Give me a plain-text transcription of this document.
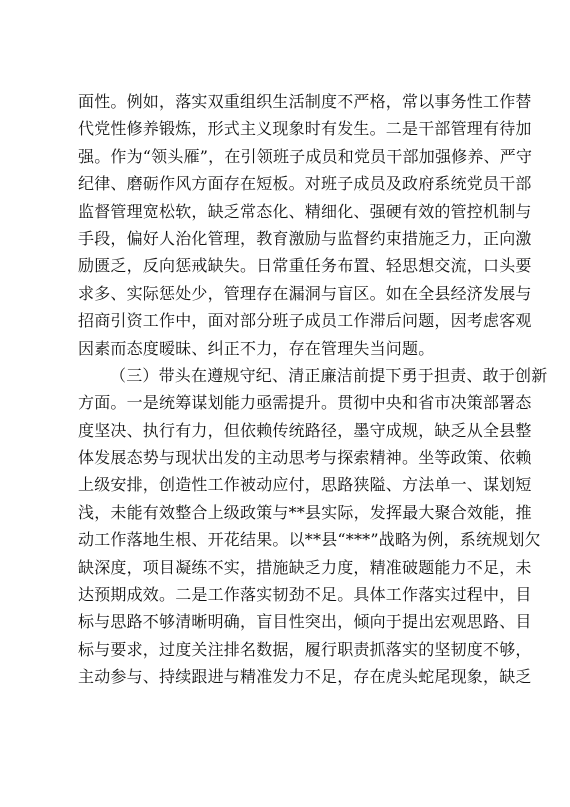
面性。例如，落实双重组织生活制度不严格，常以事务性工作替
代党性修养锻炼，形式主义现象时有发生。二是干部管理有待加
强。作为“领头雁”，在引领班子成员和党员干部加强修养、严守
纪律、磨砺作风方面存在短板。对班子成员及政府系统党员干部
监督管理宽松软，缺乏常态化、精细化、强硬有效的管控机制与
手段，偏好人治化管理，教育激励与监督约束措施乏力，正向激
励匮乏，反向惩戒缺失。日常重任务布置、轻思想交流，口头要
求多、实际惩处少，管理存在漏洞与盲区。如在全县经济发展与
招商引资工作中，面对部分班子成员工作滞后问题，因考虑客观
因素而态度暧昧、纠正不力，存在管理失当问题。
（三）带头在遵规守纪、清正廉洁前提下勇于担责、敢于创新
方面。一是统筹谋划能力亟需提升。贯彻中央和省市决策部署态
度坚决、执行有力，但依赖传统路径，墨守成规，缺乏从全县整
体发展态势与现状出发的主动思考与探索精神。坐等政策、依赖
上级安排，创造性工作被动应付，思路狭隘、方法单一、谋划短
浅，未能有效整合上级政策与**县实际，发挥最大聚合效能，推
动工作落地生根、开花结果。以**县“***”战略为例，系统规划欠
缺深度，项目凝练不实，措施缺乏力度，精准破题能力不足，未
达预期成效。二是工作落实韧劲不足。具体工作落实过程中，目
标与思路不够清晰明确，盲目性突出，倾向于提出宏观思路、目
标与要求，过度关注排名数据，履行职责抓落实的坚韧度不够，
主动参与、持续跟进与精准发力不足，存在虎头蛇尾现象，缺乏
